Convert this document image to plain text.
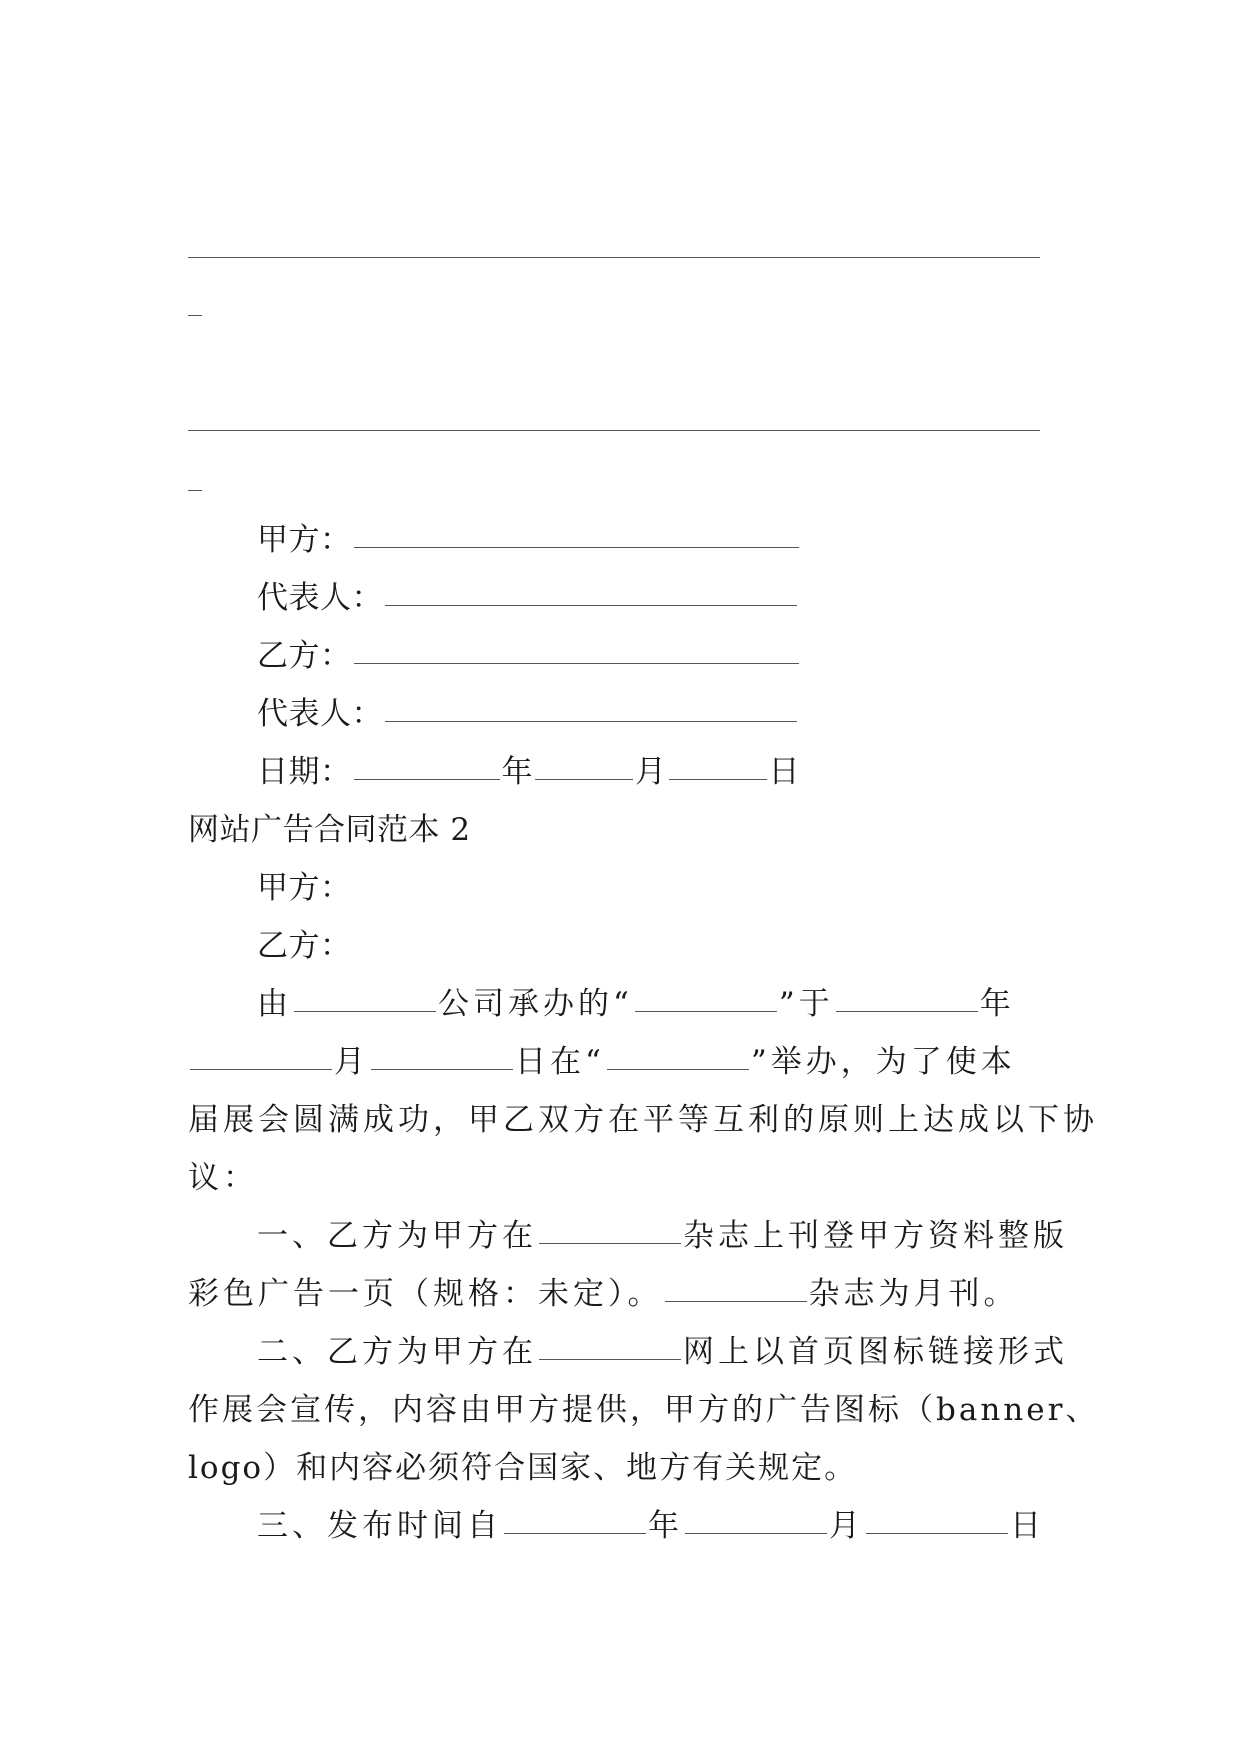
甲方：
代表人：
乙方：
代表人：
日期：	年	月	日
网站广告合同范本 2
甲方：
乙方：
由	公司承办的“	”于	年
月	日在“	”举办，为了使本
届展会圆满成功，甲乙双方在平等互利的原则上达成以下协
议：
一、乙方为甲方在	杂志上刊登甲方资料整版
彩色广告一页（规格：未定）。	杂志为月刊。
二、乙方为甲方在	网上以首页图标链接形式
作展会宣传，内容由甲方提供，甲方的广告图标（banner、
logo）和内容必须符合国家、地方有关规定。
三、发布时间自	年	月	日
